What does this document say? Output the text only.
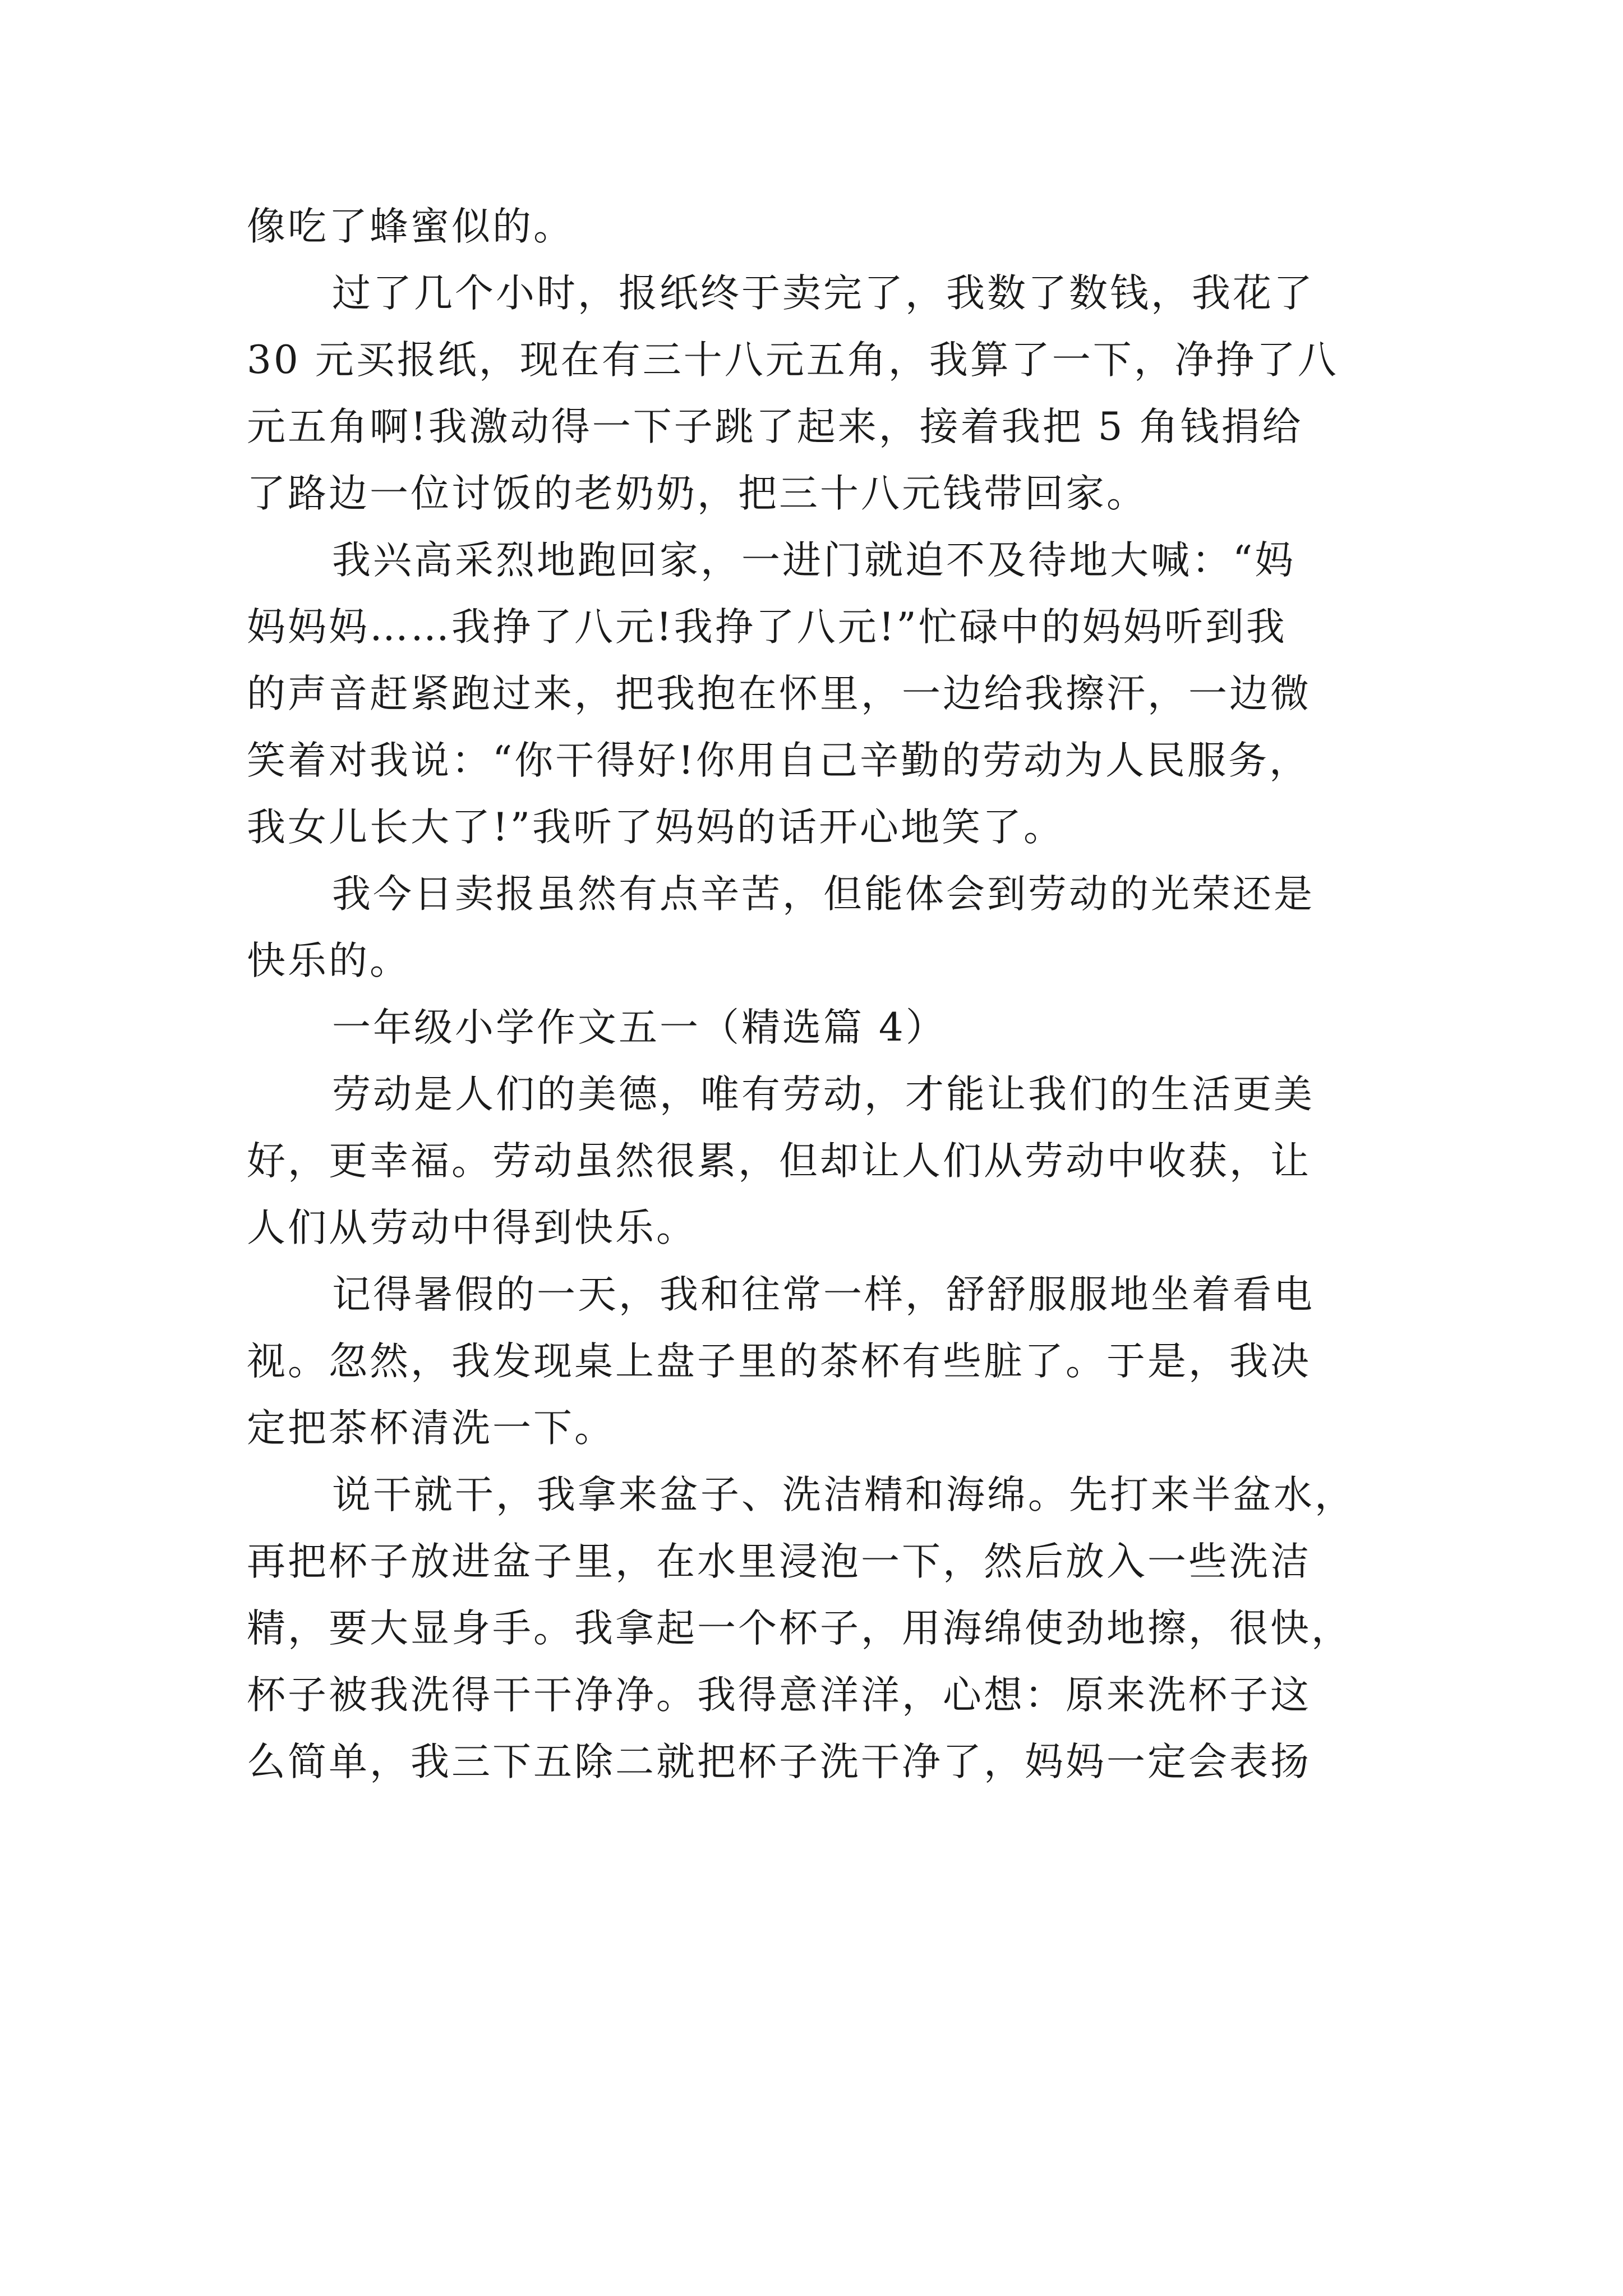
像吃了蜂蜜似的。
过了几个小时，报纸终于卖完了，我数了数钱，我花了
30 元买报纸，现在有三十八元五角，我算了一下，净挣了八
元五角啊!我激动得一下子跳了起来，接着我把 5 角钱捐给
了路边一位讨饭的老奶奶，把三十八元钱带回家。
我兴高采烈地跑回家，一进门就迫不及待地大喊：“妈
妈妈妈……我挣了八元!我挣了八元!”忙碌中的妈妈听到我
的声音赶紧跑过来，把我抱在怀里，一边给我擦汗，一边微
笑着对我说：“你干得好!你用自己辛勤的劳动为人民服务，
我女儿长大了!”我听了妈妈的话开心地笑了。
我今日卖报虽然有点辛苦，但能体会到劳动的光荣还是
快乐的。
一年级小学作文五一（精选篇 4）
劳动是人们的美德，唯有劳动，才能让我们的生活更美
好，更幸福。劳动虽然很累，但却让人们从劳动中收获，让
人们从劳动中得到快乐。
记得暑假的一天，我和往常一样，舒舒服服地坐着看电
视。忽然，我发现桌上盘子里的茶杯有些脏了。于是，我决
定把茶杯清洗一下。
说干就干，我拿来盆子、洗洁精和海绵。先打来半盆水，
再把杯子放进盆子里，在水里浸泡一下，然后放入一些洗洁
精，要大显身手。我拿起一个杯子，用海绵使劲地擦，很快，
杯子被我洗得干干净净。我得意洋洋，心想：原来洗杯子这
么简单，我三下五除二就把杯子洗干净了，妈妈一定会表扬
